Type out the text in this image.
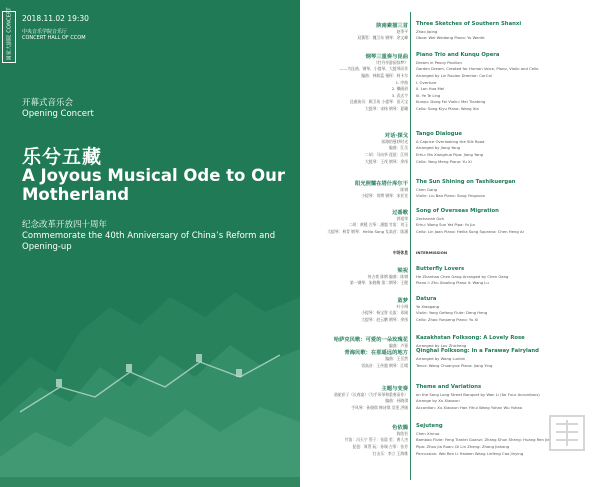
国家大剧院 CONCERT 2018.11.02 19:30
中央音乐学院音乐厅
CONCERT HALL OF CCOM
开幕式音乐会
Opening Concert
乐兮五藏
A Joyous Musical Ode to Our Motherland
纪念改革开放四十周年
Commemorate the 40th Anniversary of China’s Reform and Opening-up
陕南素描三首 Three Sketches of Southern Shanxi
赵季平 Zhao Jiping
双簧管：魏卫东 钢琴：余文峰 Oboe: Wei Weidong Piano: Yu Wenfe
钢琴三重奏与昆曲 Piano Trio and Kunqu Opera
《牡丹亭游园惊梦》 Dream in Peony Pavilion
——为昆曲、钢琴、小提琴、大提琴而作 Garden Dream, Created for Human Voice, Piano, Violin and Cello
编曲：林如蓝 指挥：柯卡尔 Arranged by Lin Ruolan Director: CorCal
1. 序曲 I. Overture
2. 懒画眉 II. Lan Hua Mei
3. 武式令 III. Ye Te Ling
昆曲演员：顾卫英 小提琴：田天宝 Kunqu: Dong Fei Violin: Mei Tianbing
大提琴：宋扬 钢琴：夏璐 Cello: Song Kiyu Piano: Wang Xia
对话·探戈 Tango Dialogue
丝路的曼妙时光 A Caprice Overlooking the Silk Road
编曲：江岳 Arranged by Jiang Yang
二胡：马向华 琵琶：江明 Erhu: Ma Xianghua Pipa: Jiang Yang
大提琴：王茂 钢琴：余彤 Cello: Yang Meng Piano: Yu Xi
阳光照耀在塔什库尔干 The Sun Shining on Tashikuergan
陈钢 Chen Gang
小提琴：刘博 钢琴：宋亚宣 Violin: Liu Bao Piano: Song Yingxuan
过番歌 Song of Overseas Migration
郭祖荣 Zechariah Goh
二胡：黄媛 古筝：潘越 竹笛：刘玉 Erhu: Wong Sun Yat Pipa: Yu Jia
大提琴：林青 钢琴：Hellia Song 女高音：陈涵 Cello: Lin Jaan Piano: Hellia Song Soprano: Chen Heng Ar
中场休息 INTERMISSION
梁祝 Butterfly Lovers
何占豪 陈钢 编曲：陈钢 He Zhanhao Chen Gang Arranged by Chen Gang
第一钢琴：朱晓梅 第二钢琴：王健 Piano I: Zhu Xiaoling Piano II: Wang Lu
蓝梦 Datura
叶小纲 Ye Xiaogang
小提琴：杨宝智 长笛：邓刚 Violin: Yang Gefang Flute: Deng Heng
大提琴：赵云鹏 钢琴：余彤 Cello: Zhao Yunpeng Piano: Yu Xi
哈萨克民歌：可爱的一朵玫瑰花 Kazakhstan Folksong: A Lovely Rose
编曲：卢嘉 Arranged by Lou Zhicheng
青海民歌：在那遥远的地方 Qinghai Folksong: In a Faraway Fairyland
编曲：王岳然 Arranged by Wang Lunbin
男高音：王传越 钢琴：江晴 Tenor: Wang Chuanyue Piano: Jiang Ying
主题与变奏 Theme and Variations
骆驼祥子（长春宴）（为手风琴和重奏而作） on the Song Long Street Banquet by Wan Li (for Four Accordions)
编曲：孙晓琪 Arrange by Xu Xiaoxun
手风琴：孙晓琪 韩诗琪 吴雯 洪刚 Accordion: Xu Xiaoxun Han Yihui Wang Yuhan Wu Yuhao
色依腾 Sejuteng
陈欣若 Chen Xinruo
竹笛：冯天宁 管子：张晨 笙：黄人杰 Bamboo Flute: Feng Tianlei Guanzi: Zhang Shun Sheng: Huang Ren Jie
琵琶：周菁 阮：孙瑞 古筝：张芳 Pipa: Zhou Jia Ruan: Di Lin Zheng: Zhang Jiahang
打击乐：李立 王海维 Percussion: Wei Ren Li Haiwen Wang Linfeng Cao Jinying
